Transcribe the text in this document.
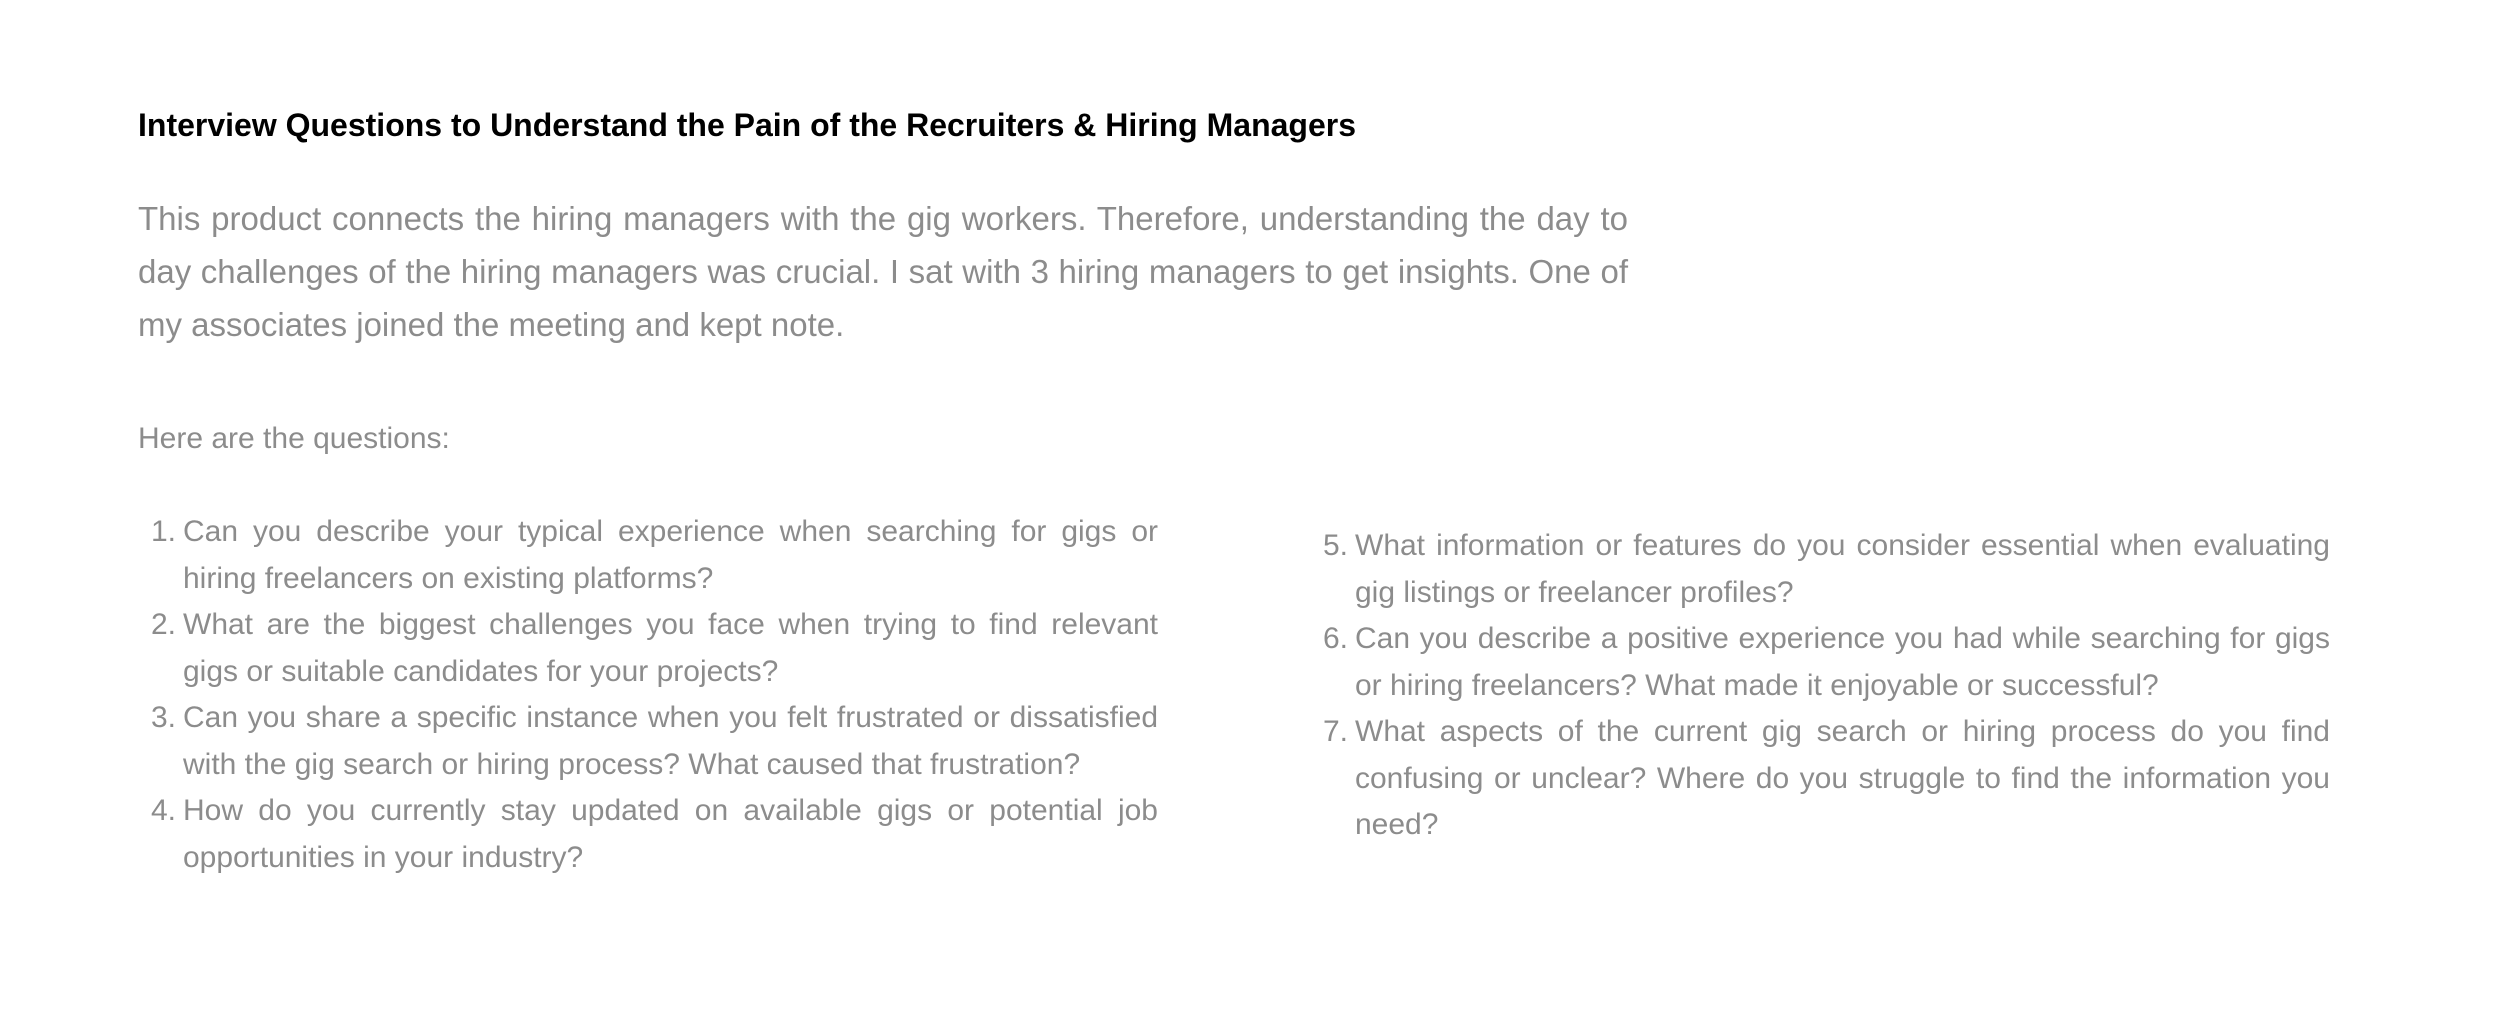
Interview Questions to Understand the Pain of the Recruiters & Hiring Managers

This product connects the hiring managers with the gig workers. Therefore, understanding the day to day challenges of the hiring managers was crucial. I sat with 3 hiring managers to get insights. One of my associates joined the meeting and kept note.

Here are the questions:

1. Can you describe your typical experience when searching for gigs or hiring freelancers on existing platforms?
2. What are the biggest challenges you face when trying to find relevant gigs or suitable candidates for your projects?
3. Can you share a specific instance when you felt frustrated or dissatisfied with the gig search or hiring process? What caused that frustration?
4. How do you currently stay updated on available gigs or potential job opportunities in your industry?
5. What information or features do you consider essential when evaluating gig listings or freelancer profiles?
6. Can you describe a positive experience you had while searching for gigs or hiring freelancers? What made it enjoyable or successful?
7. What aspects of the current gig search or hiring process do you find confusing or unclear? Where do you struggle to find the information you need?
